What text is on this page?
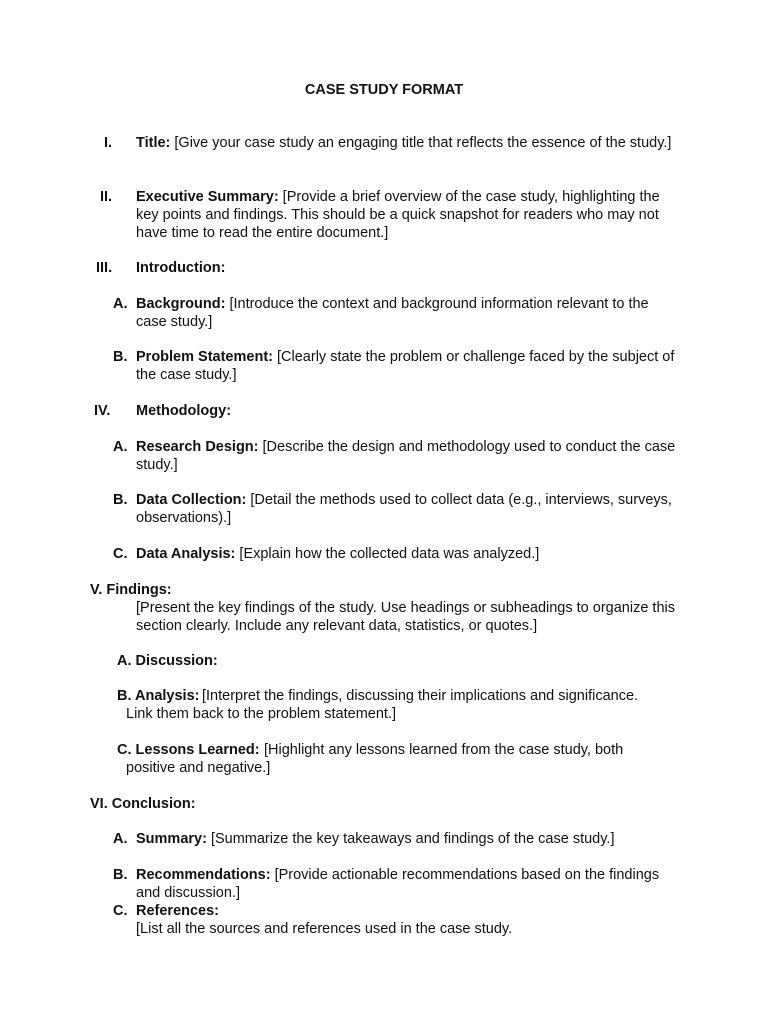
CASE STUDY FORMAT
I. Title: [Give your case study an engaging title that reflects the essence of the study.]
II. Executive Summary: [Provide a brief overview of the case study, highlighting the key points and findings. This should be a quick snapshot for readers who may not have time to read the entire document.]
III. Introduction:
A. Background: [Introduce the context and background information relevant to the case study.]
B. Problem Statement: [Clearly state the problem or challenge faced by the subject of the case study.]
IV. Methodology:
A. Research Design: [Describe the design and methodology used to conduct the case study.]
B. Data Collection: [Detail the methods used to collect data (e.g., interviews, surveys, observations).]
C. Data Analysis: [Explain how the collected data was analyzed.]
V. Findings:
[Present the key findings of the study. Use headings or subheadings to organize this section clearly. Include any relevant data, statistics, or quotes.]
A. Discussion:
B. Analysis: [Interpret the findings, discussing their implications and significance.
Link them back to the problem statement.]
C. Lessons Learned: [Highlight any lessons learned from the case study, both
positive and negative.]
VI. Conclusion:
A. Summary: [Summarize the key takeaways and findings of the case study.]
B. Recommendations: [Provide actionable recommendations based on the findings and discussion.]
C. References:
[List all the sources and references used in the case study.
